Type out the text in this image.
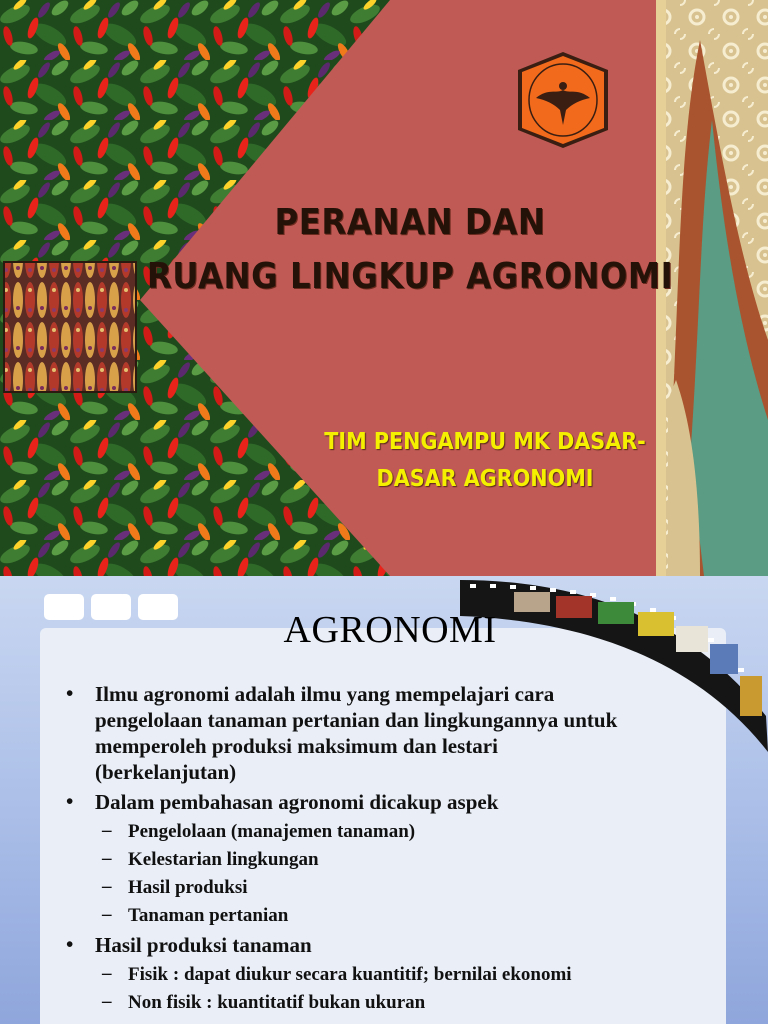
PERANAN DAN
RUANG LINGKUP AGRONOMI
TIM PENGAMPU MK DASAR-
DASAR AGRONOMI
AGRONOMI
• Ilmu agronomi adalah ilmu yang mempelajari cara
pengelolaan tanaman pertanian dan lingkungannya untuk
memperoleh produksi maksimum dan lestari
(berkelanjutan)
• Dalam pembahasan agronomi dicakup aspek
– Pengelolaan (manajemen tanaman)
– Kelestarian lingkungan
– Hasil produksi
– Tanaman pertanian
• Hasil produksi tanaman
– Fisik : dapat diukur secara kuantitif; bernilai ekonomi
– Non fisik : kuantitatif bukan ukuran
